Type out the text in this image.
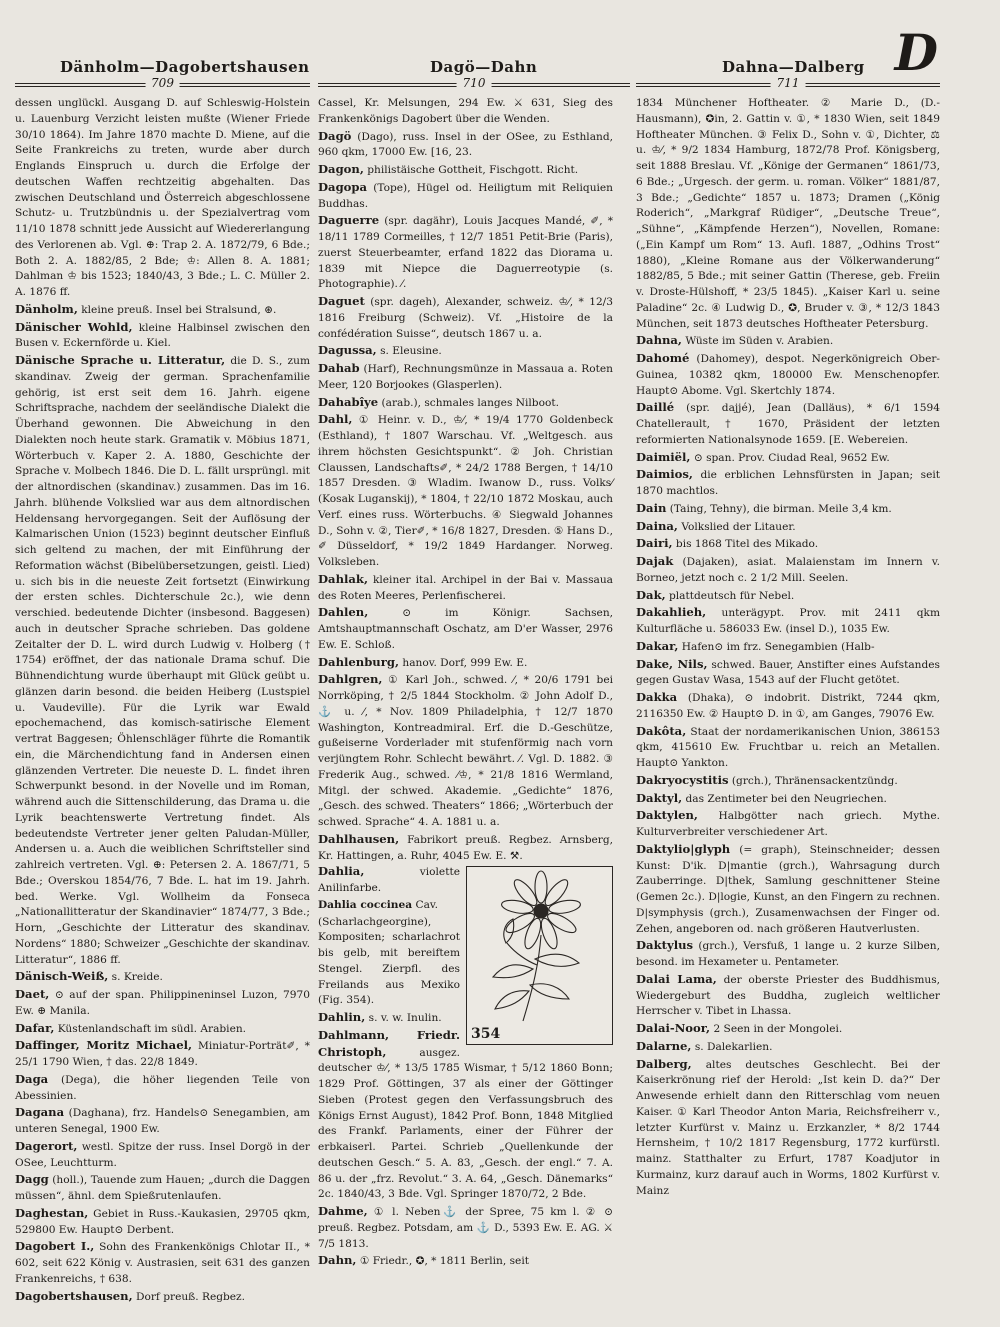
Dänholm—Dagobertshausen	Dagö—Dahn	Dahna—Dalberg D
709	710	711

dessen unglückl. Ausgang D. auf Schleswig-Holstein u. Lauenburg Verzicht leisten mußte (Wiener Friede 30/10 1864). Im Jahre 1870 machte D. Miene, auf die Seite Frankreichs zu treten, wurde aber durch Englands Einspruch u. durch die Erfolge der deutschen Waffen rechtzeitig abgehalten. Das zwischen Deutschland und Österreich abgeschlossene Schutz- u. Trutzbündnis u. der Spezialvertrag vom 11/10 1878 schnitt jede Aussicht auf Wiedererlangung des Verlorenen ab. Vgl. ⊕: Trap 2. A. 1872/79, 6 Bde.; Both 2. A. 1882/85, 2 Bde; ♔: Allen 8. A. 1881; Dahlman ♔ bis 1523; 1840/43, 3 Bde.; L. C. Müller 2. A. 1876 ff.

Dänholm, kleine preuß. Insel bei Stralsund, ⊛.

Dänischer Wohld, kleine Halbinsel zwischen den Busen v. Eckernförde u. Kiel.

Dänische Sprache u. Litteratur, die D. S., zum skandinav. Zweig der german. Sprachenfamilie gehörig, ist erst seit dem 16. Jahrh. eigene Schriftsprache, nachdem der seeländische Dialekt die Überhand gewonnen. Die Abweichung in den Dialekten noch heute stark. Gramatik v. Möbius 1871, Wörterbuch v. Kaper 2. A. 1880, Geschichte der Sprache v. Molbech 1846. Die D. L. fällt ursprüngl. mit der altnordischen (skandinav.) zusammen. Das im 16. Jahrh. blühende Volkslied war aus dem altnordischen Heldensang hervorgegangen. Seit der Auflösung der Kalmarischen Union (1523) beginnt deutscher Einfluß sich geltend zu machen, der mit Einführung der Reformation wächst (Bibelübersetzungen, geistl. Lied) u. sich bis in die neueste Zeit fortsetzt (Einwirkung der ersten schles. Dichterschule 2c.), wie denn verschied. bedeutende Dichter (insbesond. Baggesen) auch in deutscher Sprache schrieben. Das goldene Zeitalter der D. L. wird durch Ludwig v. Holberg († 1754) eröffnet, der das nationale Drama schuf. Die Bühnendichtung wurde überhaupt mit Glück geübt u. glänzen darin besond. die beiden Heiberg (Lustspiel u. Vaudeville). Für die Lyrik war Ewald epochemachend, das komisch-satirische Element vertrat Baggesen; Öhlenschläger führte die Romantik ein, die Märchendichtung fand in Andersen einen glänzenden Vertreter. Die neueste D. L. findet ihren Schwerpunkt besond. in der Novelle und im Roman, während auch die Sittenschilderung, das Drama u. die Lyrik beachtenswerte Vertretung findet. Als bedeutendste Vertreter jener gelten Paludan-Müller, Andersen u. a. Auch die weiblichen Schriftsteller sind zahlreich vertreten. Vgl. ⊕: Petersen 2. A. 1867/71, 5 Bde.; Overskou 1854/76, 7 Bde. L. hat im 19. Jahrh. bed. Werke. Vgl. Wollheim da Fonseca „Nationallitteratur der Skandinavier“ 1874/77, 3 Bde.; Horn, „Geschichte der Litteratur des skandinav. Nordens“ 1880; Schweizer „Geschichte der skandinav. Litteratur“, 1886 ff.

Dänisch-Weiß, s. Kreide.

Daet, ⊙ auf der span. Philippineninsel Luzon, 7970 Ew. ⊕ Manila.

Dafar, Küstenlandschaft im südl. Arabien.

Daffinger, Moritz Michael, Miniatur-Porträt✐, * 25/1 1790 Wien, † das. 22/8 1849.

Daga (Dega), die höher liegenden Teile von Abessinien.

Dagana (Daghana), frz. Handels⊙ Senegambien, am unteren Senegal, 1900 Ew.

Dagerort, westl. Spitze der russ. Insel Dorgö in der OSee, Leuchtturm.

Dagg (holl.), Tauende zum Hauen; „durch die Daggen müssen“, ähnl. dem Spießrutenlaufen.

Daghestan, Gebiet in Russ.-Kaukasien, 29705 qkm, 529800 Ew. Haupt⊙ Derbent.

Dagobert I., Sohn des Frankenkönigs Chlotar II., * 602, seit 622 König v. Austrasien, seit 631 des ganzen Frankenreichs, † 638.

Dagobertshausen, Dorf preuß. Regbez.

Cassel, Kr. Melsungen, 294 Ew. ⚔ 631, Sieg des Frankenkönigs Dagobert über die Wenden.

Dagö (Dago), russ. Insel in der OSee, zu Esthland, 960 qkm, 17000 Ew. [16, 23.

Dagon, philistäische Gottheit, Fischgott. Richt.

Dagopa (Tope), Hügel od. Heiligtum mit Reliquien Buddhas.

Daguerre (spr. dagähr), Louis Jacques Mandé, ✐, * 18/11 1789 Cormeilles, † 12/7 1851 Petit-Brie (Paris), zuerst Steuerbeamter, erfand 1822 das Diorama u. 1839 mit Niepce die Daguerreotypie (s. Photographie). ⁄.

Daguet (spr. dageh), Alexander, schweiz. ♔⁄, * 12/3 1816 Freiburg (Schweiz). Vf. „Histoire de la confédération Suisse“, deutsch 1867 u. a.

Dagussa, s. Eleusine.

Dahab (Harf), Rechnungsmünze in Massaua a. Roten Meer, 120 Borjookes (Glasperlen).

Dahabîye (arab.), schmales langes Nilboot.

Dahl, ① Heinr. v. D., ♔⁄, * 19/4 1770 Goldenbeck (Esthland), † 1807 Warschau. Vf. „Weltgesch. aus ihrem höchsten Gesichtspunkt“. ② Joh. Christian Claussen, Landschafts✐, * 24/2 1788 Bergen, † 14/10 1857 Dresden. ③ Wladim. Iwanow D., russ. Volks⁄ (Kosak Luganskij), * 1804, † 22/10 1872 Moskau, auch Verf. eines russ. Wörterbuchs. ④ Siegwald Johannes D., Sohn v. ②, Tier✐, * 16/8 1827, Dresden. ⑤ Hans D., ✐ Düsseldorf, * 19/2 1849 Hardanger. Norweg. Volksleben.

Dahlak, kleiner ital. Archipel in der Bai v. Massaua des Roten Meeres, Perlenfischerei.

Dahlen,	⊙ im Königr. Sachsen, Amtshauptmannschaft Oschatz, am D'er Wasser, 2976 Ew. E. Schloß.

Dahlenburg, hanov. Dorf, 999 Ew. E.

Dahlgren, ① Karl Joh., schwed. ⁄, * 20/6 1791 bei Norrköping, † 2/5 1844 Stockholm. ② John Adolf D., ⚓ u. ⁄, * Nov. 1809 Philadelphia, † 12/7 1870 Washington, Kontreadmiral. Erf. die D.-Geschütze, gußeiserne Vorderlader mit stufenförmig nach vorn verjüngtem Rohr. Schlecht bewährt. ⁄. Vgl. D. 1882. ③ Frederik Aug., schwed. ⁄♔, * 21/8 1816 Wermland, Mitgl. der schwed. Akademie. „Gedichte“ 1876, „Gesch. des schwed. Theaters“ 1866; „Wörterbuch der schwed. Sprache“ 4. A. 1881 u. a.

Dahlhausen, Fabrikort preuß. Regbez. Arnsberg, Kr. Hattingen, a. Ruhr, 4045 Ew. E. ⚒.

354

Dahlia,	violette Anilinfarbe.

Dahlia coccinea Cav.

(Scharlachgeorgine), Kompositen; scharlachrot bis gelb, mit bereiftem Stengel. Zierpfl. des Freilands aus Mexiko (Fig. 354).

Dahlin, s. v. w. Inulin.

Dahlmann, Friedr. Christoph,	ausgez. deutscher ♔⁄, * 13/5 1785 Wismar, † 5/12 1860 Bonn; 1829 Prof. Göttingen, 37 als einer der Göttinger Sieben (Protest gegen den Verfassungsbruch des Königs Ernst August), 1842 Prof. Bonn, 1848 Mitglied des Frankf. Parlaments, einer der Führer der erbkaiserl. Partei. Schrieb „Quellenkunde der deutschen Gesch.“ 5. A. 83, „Gesch. der engl.“ 7. A. 86 u. der „frz. Revolut.“ 3. A. 64, „Gesch. Dänemarks“ 2c. 1840/43, 3 Bde. Vgl. Springer 1870/72, 2 Bde.

Dahme, ① l. Neben⚓ der Spree, 75 km l. ② ⊙ preuß. Regbez. Potsdam, am ⚓ D., 5393 Ew. E. AG. ⚔ 7/5 1813.

Dahn, ① Friedr., ✪, * 1811 Berlin, seit

1834 Münchener Hoftheater. ② Marie D., (D.-Hausmann), ✪in, 2. Gattin v. ①, * 1830 Wien, seit 1849 Hoftheater München. ③ Felix D., Sohn v. ①, Dichter, ⚖ u. ♔⁄, * 9/2 1834 Hamburg, 1872/78 Prof. Königsberg, seit 1888 Breslau. Vf. „Könige der Germanen“ 1861/73, 6 Bde.; „Urgesch. der germ. u. roman. Völker“ 1881/87, 3 Bde.; „Gedichte“ 1857 u. 1873; Dramen („König Roderich“, „Markgraf Rüdiger“, „Deutsche Treue“, „Sühne“, „Kämpfende Herzen“), Novellen, Romane: („Ein Kampf um Rom“ 13. Aufl. 1887, „Odhins Trost“ 1880), „Kleine Romane aus der Völkerwanderung“ 1882/85, 5 Bde.; mit seiner Gattin (Therese, geb. Freiin v. Droste-Hülshoff, * 23/5 1845). „Kaiser Karl u. seine Paladine“ 2c. ④ Ludwig D., ✪, Bruder v. ③, * 12/3 1843 München, seit 1873 deutsches Hoftheater Petersburg.

Dahna, Wüste im Süden v. Arabien.

Dahomé (Dahomey), despot. Negerkönigreich Ober-Guinea, 10382 qkm, 180000 Ew. Menschenopfer. Haupt⊙ Abome. Vgl. Skertchly 1874.

Daillé (spr. dajjé), Jean (Dalläus), * 6/1 1594 Chatellerault, † 1670, Präsident der letzten reformierten Nationalsynode 1659. [E. Webereien.

Daimiël, ⊙ span. Prov. Ciudad Real, 9652 Ew.

Daimios, die erblichen Lehnsfürsten in Japan; seit 1870 machtlos.

Dain (Taing, Tehny), die birman. Meile 3,4 km.

Daina, Volkslied der Litauer.

Dairi, bis 1868 Titel des Mikado.

Dajak (Dajaken), asiat. Malaienstam im Innern v. Borneo, jetzt noch c. 2 1/2 Mill. Seelen.

Dak, plattdeutsch für Nebel.

Dakahlieh, unterägypt. Prov. mit 2411 qkm Kulturfläche u. 586033 Ew. (insel D.), 1035 Ew.

Dakar, Hafen⊙ im frz. Senegambien (Halb-

Dake, Nils, schwed. Bauer, Anstifter eines Aufstandes gegen Gustav Wasa, 1543 auf der Flucht getötet.

Dakka (Dhaka), ⊙ indobrit. Distrikt, 7244 qkm, 2116350 Ew. ② Haupt⊙ D. in ①, am Ganges, 79076 Ew.

Dakôta, Staat der nordamerikanischen Union, 386153 qkm, 415610 Ew. Fruchtbar u. reich an Metallen. Haupt⊙ Yankton.

Dakryocystitis (grch.), Thränensackentzündg.

Daktyl, das Zentimeter bei den Neugriechen.

Daktylen, Halbgötter nach griech. Mythe. Kulturverbreiter verschiedener Art.

Daktylio|glyph (= graph), Steinschneider; dessen Kunst: D'ik. D|mantie (grch.), Wahrsagung durch Zauberringe. D|thek, Samlung geschnittener Steine (Gemen 2c.). D|logie, Kunst, an den Fingern zu rechnen. D|symphysis (grch.), Zusamenwachsen der Finger od. Zehen, angeboren od. nach größeren Hautverlusten.

Daktylus (grch.), Versfuß, 1 lange u. 2 kurze Silben, besond. im Hexameter u. Pentameter.

Dalai Lama, der oberste Priester des Buddhismus, Wiedergeburt des Buddha, zugleich weltlicher Herrscher v. Tibet in Lhassa.

Dalai-Noor, 2 Seen in der Mongolei.

Dalarne, s. Dalekarlien.

Dalberg, altes deutsches Geschlecht. Bei der Kaiserkrönung rief der Herold: „Ist kein D. da?“ Der Anwesende erhielt dann den Ritterschlag vom neuen Kaiser. ① Karl Theodor Anton Maria, Reichsfreiherr v., letzter Kurfürst v. Mainz u. Erzkanzler, * 8/2 1744 Hernsheim, † 10/2 1817 Regensburg, 1772 kurfürstl. mainz. Statthalter zu Erfurt, 1787 Koadjutor in Kurmainz, kurz darauf auch in Worms, 1802 Kurfürst v. Mainz
